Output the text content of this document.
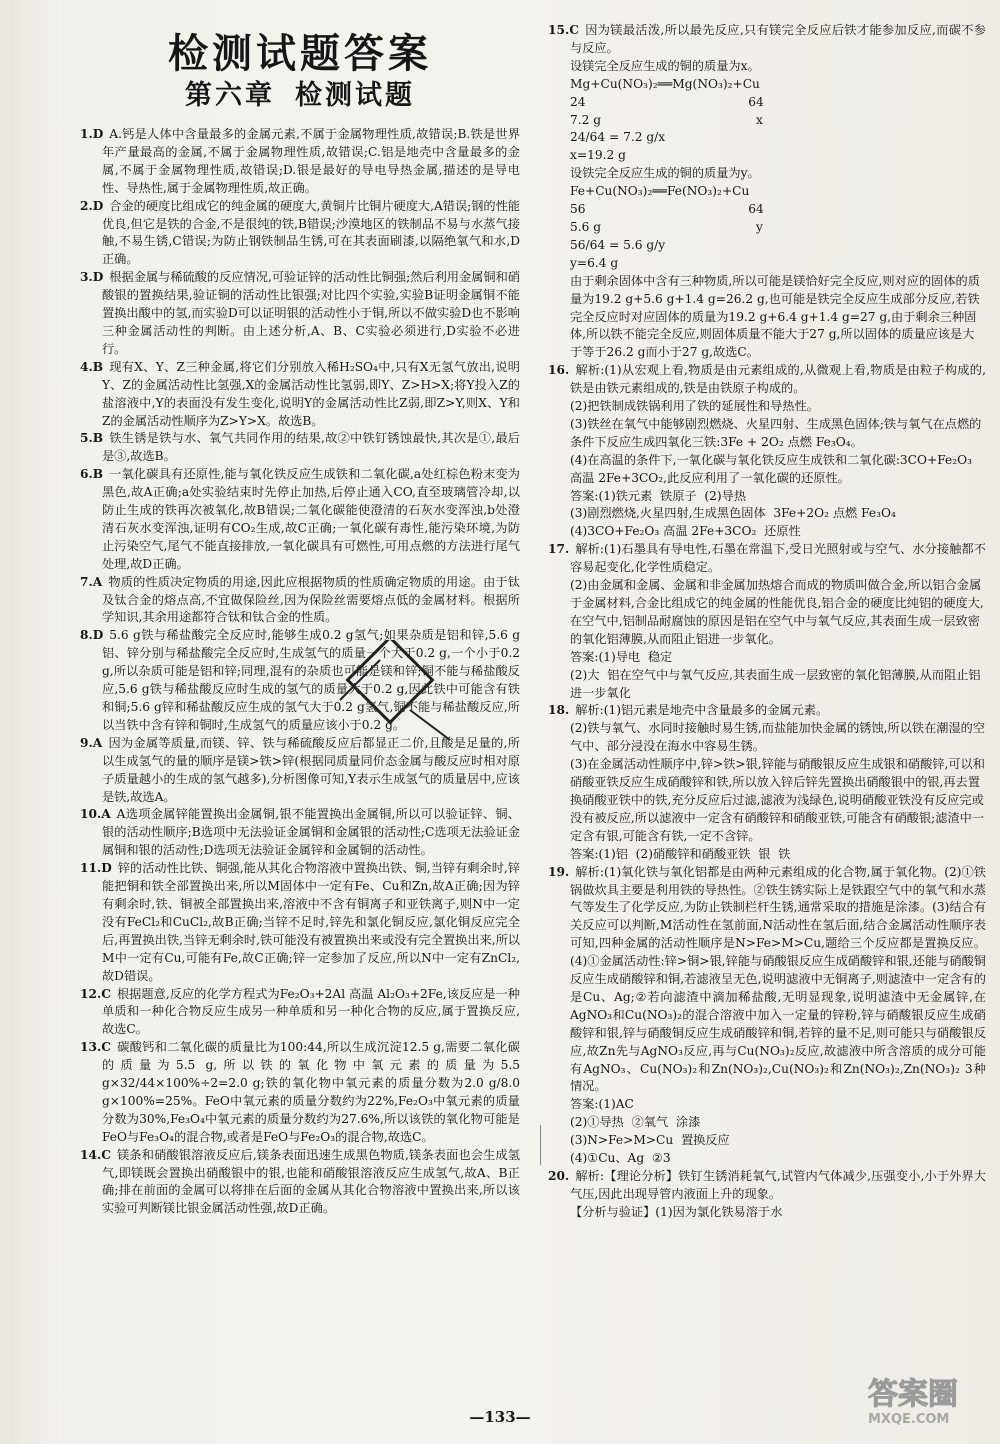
检测试题答案
第六章 检测试题

1.D A.钙是人体中含量最多的金属元素,不属于金属物理性质,故错误;B.铁是世界年产量最高的金属,不属于金属物理性质,故错误;C.铝是地壳中含量最多的金属,不属于金属物理性质,故错误;D.银是最好的导电导热金属,描述的是导电性、导热性,属于金属物理性质,故正确。

2.D 合金的硬度比组成它的纯金属的硬度大,黄铜片比铜片硬度大,A错误;钢的性能优良,但它是铁的合金,不是很纯的铁,B错误;沙漠地区的铁制品不易与水蒸气接触,不易生锈,C错误;为防止钢铁制品生锈,可在其表面刷漆,以隔绝氧气和水,D正确。

3.D 根据金属与稀硫酸的反应情况,可验证锌的活动性比铜强;然后利用金属铜和硝酸银的置换结果,验证铜的活动性比银强;对比四个实验,实验B证明金属铜不能置换出酸中的氢,而实验D可以证明银的活动性小于铜,所以不做实验D也不影响三种金属活动性的判断。由上述分析,A、B、C实验必须进行,D实验不必进行。

4.B 现有X、Y、Z三种金属,将它们分别放入稀H₂SO₄中,只有X无氢气放出,说明Y、Z的金属活动性比氢强,X的金属活动性比氢弱,即Y、Z>H>X;将Y投入Z的盐溶液中,Y的表面没有发生变化,说明Y的金属活动性比Z弱,即Z>Y,则X、Y和Z的金属活动性顺序为Z>Y>X。故选B。

5.B 铁生锈是铁与水、氧气共同作用的结果,故②中铁钉锈蚀最快,其次是①,最后是③,故选B。

6.B 一氧化碳具有还原性,能与氧化铁反应生成铁和二氧化碳,a处红棕色粉末变为黑色,故A正确;a处实验结束时先停止加热,后停止通入CO,直至玻璃管冷却,以防止生成的铁再次被氧化,故B错误;二氧化碳能使澄清的石灰水变浑浊,b处澄清石灰水变浑浊,证明有CO₂生成,故C正确;一氧化碳有毒性,能污染环境,为防止污染空气,尾气不能直接排放,一氧化碳具有可燃性,可用点燃的方法进行尾气处理,故D正确。

7.A 物质的性质决定物质的用途,因此应根据物质的性质确定物质的用途。由于钛及钛合金的熔点高,不宜做保险丝,因为保险丝需要熔点低的金属材料。根据所学知识,其余用途都符合钛和钛合金的性质。

8.D 5.6 g铁与稀盐酸完全反应时,能够生成0.2 g氢气;如果杂质是铝和锌,5.6 g铝、锌分别与稀盐酸完全反应时,生成氢气的质量一个大于0.2 g,一个小于0.2 g,所以杂质可能是铝和锌;同理,混有的杂质也可能是镁和锌;铜不能与稀盐酸反应,5.6 g铁与稀盐酸反应时生成的氢气的质量大于0.2 g,因此铁中可能含有铁和铜;5.6 g锌和稀盐酸反应生成的氢气大于0.2 g氢气,铜不能与稀盐酸反应,所以当铁中含有锌和铜时,生成氢气的质量应该小于0.2 g。

9.A 因为金属等质量,而镁、锌、铁与稀硫酸反应后都显正二价,且酸是足量的,所以生成氢气的量的顺序是镁>铁>锌(根据同质量同价态金属与酸反应时相对原子质量越小的生成的氢气越多),分析图像可知,Y表示生成氢气的质量居中,应该是铁,故选A。

10.A A选项金属锌能置换出金属铜,银不能置换出金属铜,所以可以验证锌、铜、银的活动性顺序;B选项中无法验证金属铜和金属银的活动性;C选项无法验证金属铜和银的活动性;D选项无法验证金属锌和金属铜的活动性。

11.D 锌的活动性比铁、铜强,能从其化合物溶液中置换出铁、铜,当锌有剩余时,锌能把铜和铁全部置换出来,所以M固体中一定有Fe、Cu和Zn,故A正确;因为锌有剩余时,铁、铜被全部置换出来,溶液中不含有铜离子和亚铁离子,则N中一定没有FeCl₂和CuCl₂,故B正确;当锌不足时,锌先和氯化铜反应,氯化铜反应完全后,再置换出铁,当锌无剩余时,铁可能没有被置换出来或没有完全置换出来,所以M中一定有Cu,可能有Fe,故C正确;锌一定参加了反应,所以N中一定有ZnCl₂,故D错误。

12.C 根据题意,反应的化学方程式为Fe₂O₃+2Al 高温 Al₂O₃+2Fe,该反应是一种单质和一种化合物反应生成另一种单质和另一种化合物的反应,属于置换反应,故选C。

13.C 碳酸钙和二氧化碳的质量比为100:44,所以生成沉淀12.5 g,需要二氧化碳的质量为5.5 g,所以铁的氧化物中氧元素的质量为5.5 g×32/44×100%÷2=2.0 g;铁的氧化物中氧元素的质量分数为2.0 g/8.0 g×100%=25%。FeO中氧元素的质量分数约为22%,Fe₂O₃中氧元素的质量分数为30%,Fe₃O₄中氧元素的质量分数约为27.6%,所以该铁的氧化物可能是FeO与Fe₃O₄的混合物,或者是FeO与Fe₂O₃的混合物,故选C。

14.C 镁条和硝酸银溶液反应后,镁条表面迅速生成黑色物质,镁条表面也会生成氢气,即镁既会置换出硝酸银中的银,也能和硝酸银溶液反应生成氢气,故A、B正确;排在前面的金属可以将排在后面的金属从其化合物溶液中置换出来,所以该实验可判断镁比银金属活动性强,故D正确。

15.C 因为镁最活泼,所以最先反应,只有镁完全反应后铁才能参加反应,而碳不参与反应。

设镁完全反应生成的铜的质量为x。
Mg+Cu(NO₃)₂══Mg(NO₃)₂+Cu
24                                          64
7.2 g                                        x
24/64 = 7.2 g/x
x=19.2 g
设铁完全反应生成的铜的质量为y。
Fe+Cu(NO₃)₂══Fe(NO₃)₂+Cu
56                                          64
5.6 g                                        y
56/64 = 5.6 g/y
y=6.4 g
由于剩余固体中含有三种物质,所以可能是镁恰好完全反应,则对应的固体的质量为19.2 g+5.6 g+1.4 g=26.2 g,也可能是铁完全反应生成部分反应,若铁完全反应时对应固体的质量为19.2 g+6.4 g+1.4 g=27 g,由于剩余三种固体,所以铁不能完全反应,则固体质量不能大于27 g,所以固体的质量应该是大于等于26.2 g而小于27 g,故选C。

16. 解析:(1)从宏观上看,物质是由元素组成的,从微观上看,物质是由粒子构成的,铁是由铁元素组成的,铁是由铁原子构成的。

(2)把铁制成铁锅利用了铁的延展性和导热性。
(3)铁丝在氧气中能够剧烈燃烧、火星四射、生成黑色固体;铁与氧气在点燃的条件下反应生成四氧化三铁:3Fe + 2O₂ 点燃 Fe₃O₄。
(4)在高温的条件下,一氧化碳与氧化铁反应生成铁和二氧化碳:3CO+Fe₂O₃ 高温 2Fe+3CO₂,此反应利用了一氧化碳的还原性。
答案:(1)铁元素  铁原子  (2)导热
(3)剧烈燃烧,火星四射,生成黑色固体  3Fe+2O₂ 点燃 Fe₃O₄
(4)3CO+Fe₂O₃ 高温 2Fe+3CO₂  还原性

17. 解析:(1)石墨具有导电性,石墨在常温下,受日光照射或与空气、水分接触都不容易起变化,化学性质稳定。

(2)由金属和金属、金属和非金属加热熔合而成的物质叫做合金,所以铝合金属于金属材料,合金比组成它的纯金属的性能优良,铝合金的硬度比纯铝的硬度大,在空气中,铝制品耐腐蚀的原因是铝在空气中与氧气反应,其表面生成一层致密的氧化铝薄膜,从而阻止铝进一步氧化。
答案:(1)导电  稳定
(2)大  铝在空气中与氧气反应,其表面生成一层致密的氧化铝薄膜,从而阻止铝进一步氧化

18. 解析:(1)铝元素是地壳中含量最多的金属元素。

(2)铁与氧气、水同时接触时易生锈,而盐能加快金属的锈蚀,所以铁在潮湿的空气中、部分浸没在海水中容易生锈。
(3)在金属活动性顺序中,锌>铁>银,锌能与硝酸银反应生成银和硝酸锌,可以和硝酸亚铁反应生成硝酸锌和铁,所以放入锌后锌先置换出硝酸银中的银,再去置换硝酸亚铁中的铁,充分反应后过滤,滤液为浅绿色,说明硝酸亚铁没有反应完或没有被反应,所以滤液中一定含有硝酸锌和硝酸亚铁,可能含有硝酸银;滤渣中一定含有银,可能含有铁,一定不含锌。
答案:(1)铝  (2)硝酸锌和硝酸亚铁  银  铁

19. 解析:(1)氧化铁与氧化铝都是由两种元素组成的化合物,属于氧化物。(2)①铁锅做炊具主要是利用铁的导热性。②铁生锈实际上是铁跟空气中的氧气和水蒸气等发生了化学反应,为防止铁制栏杆生锈,通常采取的措施是涂漆。(3)结合有关反应可以判断,M活动性在氢前面,N活动性在氢后面,结合金属活动性顺序表可知,四种金属的活动性顺序是N>Fe>M>Cu,题给三个反应都是置换反应。(4)①金属活动性:锌>铜>银,锌能与硝酸银反应生成硝酸锌和银,还能与硝酸铜反应生成硝酸锌和铜,若滤液呈无色,说明滤液中无铜离子,则滤渣中一定含有的是Cu、Ag;②若向滤渣中滴加稀盐酸,无明显现象,说明滤渣中无金属锌,在AgNO₃和Cu(NO₃)₂的混合溶液中加入一定量的锌粉,锌与硝酸银反应生成硝酸锌和银,锌与硝酸铜反应生成硝酸锌和铜,若锌的量不足,则可能只与硝酸银反应,故Zn先与AgNO₃反应,再与Cu(NO₃)₂反应,故滤液中所含溶质的成分可能有AgNO₃、Cu(NO₃)₂和Zn(NO₃)₂,Cu(NO₃)₂和Zn(NO₃)₂,Zn(NO₃)₂ 3种情况。

答案:(1)AC
(2)①导热  ②氧气  涂漆
(3)N>Fe>M>Cu  置换反应
(4)①Cu、Ag  ②3

20. 解析:【理论分析】铁钉生锈消耗氧气,试管内气体减少,压强变小,小于外界大气压,因此出现导管内液面上升的现象。

【分析与验证】(1)因为氯化铁易溶于水
—133—
答案圈
MXQE.COM
